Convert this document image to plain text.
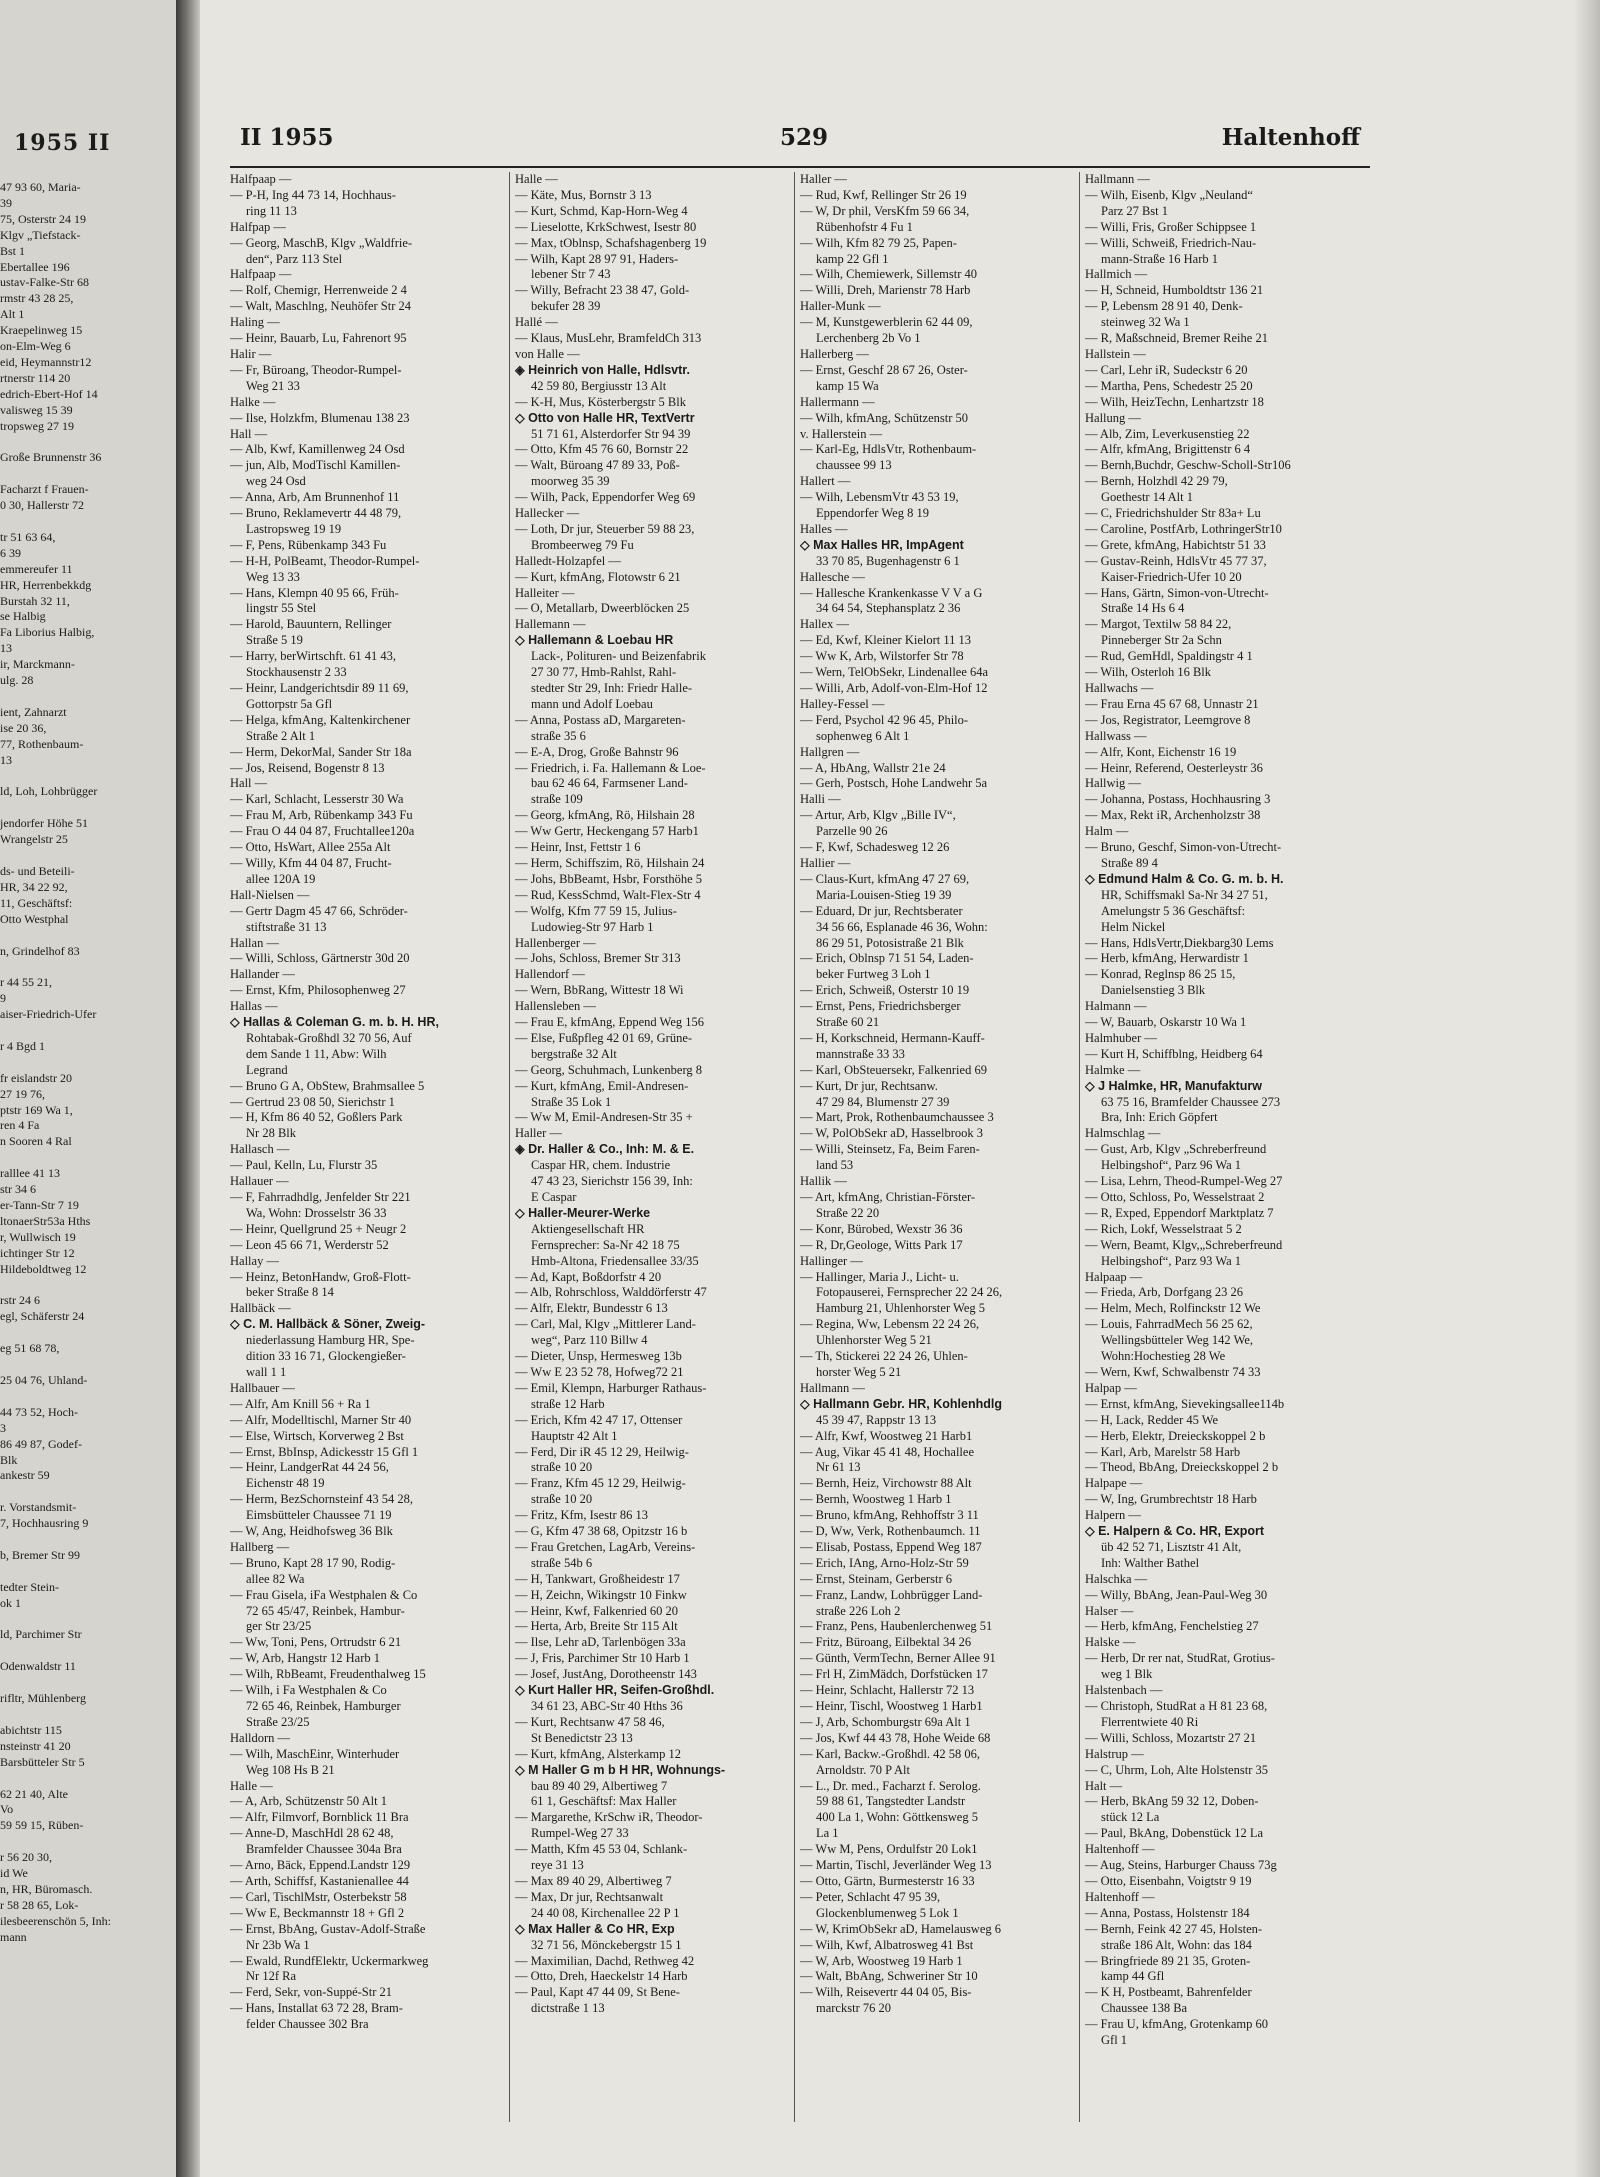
1955 II
47 93 60, Maria-
39
75, Osterstr 24 19
Klgv „Tiefstack-
Bst 1
Ebertallee 196
ustav-Falke-Str 68
rmstr 43 28 25,
Alt 1
Kraepelinweg 15
on-Elm-Weg 6
eid, Heymannstr12
rtnerstr 114 20
edrich-Ebert-Hof 14
valisweg 15 39
tropsweg 27 19

Große Brunnenstr 36

Facharzt f Frauen-
0 30, Hallerstr 72

tr 51 63 64,
6 39
emmereufer 11
HR, Herrenbekkdg
Burstah 32 11,
se Halbig
Fa Liborius Halbig,
13
ir, Marckmann-
ulg. 28

ient, Zahnarzt
ise 20 36,
77, Rothenbaum-
13

ld, Loh, Lohbrügger

jendorfer Höhe 51
Wrangelstr 25

ds- und Beteili-
HR, 34 22 92,
11, Geschäftsf:
Otto Westphal

n, Grindelhof 83

r 44 55 21,
9
aiser-Friedrich-Ufer

r 4 Bgd 1

fr eislandstr 20
27 19 76,
ptstr 169 Wa 1,
ren 4 Fa
n Sooren 4 Ral

ralllee 41 13
str 34 6
er-Tann-Str 7 19
ltonaerStr53a Hths
r, Wullwisch 19
ichtinger Str 12
Hildeboldtweg 12

rstr 24 6
egl, Schäferstr 24

eg 51 68 78,

25 04 76, Uhland-

44 73 52, Hoch-
3
86 49 87, Godef-
Blk
ankestr 59

r. Vorstandsmit-
7, Hochhausring 9

b, Bremer Str 99

tedter Stein-
ok 1

ld, Parchimer Str

Odenwaldstr 11

rifltr, Mühlenberg

abichtstr 115
nsteinstr 41 20
Barsbütteler Str 5

62 21 40, Alte
Vo
59 59 15, Rüben-

r 56 20 30,
id We
n, HR, Büromasch.
r 58 28 65, Lok-
ilesbeerenschön 5, Inh:
mann
II 1955	529	Haltenhoff
Halfpaap —
— P-H, Ing 44 73 14, Hochhaus-
ring 11 13
Halfpap —
— Georg, MaschB, Klgv „Waldfrie-
den“, Parz 113 Stel
Halfpaap —
— Rolf, Chemigr, Herrenweide 2 4
— Walt, Maschlng, Neuhöfer Str 24
Haling —
— Heinr, Bauarb, Lu, Fahrenort 95
Halir —
— Fr, Büroang, Theodor-Rumpel-
Weg 21 33
Halke —
— Ilse, Holzkfm, Blumenau 138 23
Hall —
— Alb, Kwf, Kamillenweg 24 Osd
— jun, Alb, ModTischl Kamillen-
weg 24 Osd
— Anna, Arb, Am Brunnenhof 11
— Bruno, Reklamevertr 44 48 79,
Lastropsweg 19 19
— F, Pens, Rübenkamp 343 Fu
— H-H, PolBeamt, Theodor-Rumpel-
Weg 13 33
— Hans, Klempn 40 95 66, Früh-
lingstr 55 Stel
— Harold, Bauuntern, Rellinger
Straße 5 19
— Harry, berWirtschft. 61 41 43,
Stockhausenstr 2 33
— Heinr, Landgerichtsdir 89 11 69,
Gottorpstr 5a Gfl
— Helga, kfmAng, Kaltenkirchener
Straße 2 Alt 1
— Herm, DekorMal, Sander Str 18a
— Jos, Reisend, Bogenstr 8 13
Hall —
— Karl, Schlacht, Lesserstr 30 Wa
— Frau M, Arb, Rübenkamp 343 Fu
— Frau O 44 04 87, Fruchtallee120a
— Otto, HsWart, Allee 255a Alt
— Willy, Kfm 44 04 87, Frucht-
allee 120A 19
Hall-Nielsen —
— Gertr Dagm 45 47 66, Schröder-
stiftstraße 31 13
Hallan —
— Willi, Schloss, Gärtnerstr 30d 20
Hallander —
— Ernst, Kfm, Philosophenweg 27
Hallas —
◇ Hallas & Coleman G. m. b. H. HR,
Rohtabak-Großhdl 32 70 56, Auf
dem Sande 1 11, Abw: Wilh
Legrand
— Bruno G A, ObStew, Brahmsallee 5
— Gertrud 23 08 50, Sierichstr 1
— H, Kfm 86 40 52, Goßlers Park
Nr 28 Blk
Hallasch —
— Paul, Kelln, Lu, Flurstr 35
Hallauer —
— F, Fahrradhdlg, Jenfelder Str 221
Wa, Wohn: Drosselstr 36 33
— Heinr, Quellgrund 25 + Neugr 2
— Leon 45 66 71, Werderstr 52
Hallay —
— Heinz, BetonHandw, Groß-Flott-
beker Straße 8 14
Hallbäck —
◇ C. M. Hallbäck & Söner, Zweig-
niederlassung Hamburg HR, Spe-
dition 33 16 71, Glockengießer-
wall 1 1
Hallbauer —
— Alfr, Am Knill 56 + Ra 1
— Alfr, Modelltischl, Marner Str 40
— Else, Wirtsch, Korverweg 2 Bst
— Ernst, BbInsp, Adickesstr 15 Gfl 1
— Heinr, LandgerRat 44 24 56,
Eichenstr 48 19
— Herm, BezSchornsteinf 43 54 28,
Eimsbütteler Chaussee 71 19
— W, Ang, Heidhofsweg 36 Blk
Hallberg —
— Bruno, Kapt 28 17 90, Rodig-
allee 82 Wa
— Frau Gisela, iFa Westphalen & Co
72 65 45/47, Reinbek, Hambur-
ger Str 23/25
— Ww, Toni, Pens, Ortrudstr 6 21
— W, Arb, Hangstr 12 Harb 1
— Wilh, RbBeamt, Freudenthalweg 15
— Wilh, i Fa Westphalen & Co
72 65 46, Reinbek, Hamburger
Straße 23/25
Halldorn —
— Wilh, MaschEinr, Winterhuder
Weg 108 Hs B 21
Halle —
— A, Arb, Schützenstr 50 Alt 1
— Alfr, Filmvorf, Bornblick 11 Bra
— Anne-D, MaschHdl 28 62 48,
Bramfelder Chaussee 304a Bra
— Arno, Bäck, Eppend.Landstr 129
— Arth, Schiffsf, Kastanienallee 44
— Carl, TischlMstr, Osterbekstr 58
— Ww E, Beckmannstr 18 + Gfl 2
— Ernst, BbAng, Gustav-Adolf-Straße
Nr 23b Wa 1
— Ewald, RundfElektr, Uckermarkweg
Nr 12f Ra
— Ferd, Sekr, von-Suppé-Str 21
— Hans, Installat 63 72 28, Bram-
felder Chaussee 302 Bra
Halle —
— Käte, Mus, Bornstr 3 13
— Kurt, Schmd, Kap-Horn-Weg 4
— Lieselotte, KrkSchwest, Isestr 80
— Max, tOblnsp, Schafshagenberg 19
— Wilh, Kapt 28 97 91, Haders-
lebener Str 7 43
— Willy, Befracht 23 38 47, Gold-
bekufer 28 39
Hallé —
— Klaus, MusLehr, BramfeldCh 313
von Halle —
◈ Heinrich von Halle, Hdlsvtr.
42 59 80, Bergiusstr 13 Alt
— K-H, Mus, Kösterbergstr 5 Blk
◇ Otto von Halle HR, TextVertr
51 71 61, Alsterdorfer Str 94 39
— Otto, Kfm 45 76 60, Bornstr 22
— Walt, Büroang 47 89 33, Poß-
moorweg 35 39
— Wilh, Pack, Eppendorfer Weg 69
Hallecker —
— Loth, Dr jur, Steuerber 59 88 23,
Brombeerweg 79 Fu
Halledt-Holzapfel —
— Kurt, kfmAng, Flotowstr 6 21
Halleiter —
— O, Metallarb, Dweerblöcken 25
Hallemann —
◇ Hallemann & Loebau HR
Lack-, Polituren- und Beizenfabrik
27 30 77, Hmb-Rahlst, Rahl-
stedter Str 29, Inh: Friedr Halle-
mann und Adolf Loebau
— Anna, Postass aD, Margareten-
straße 35 6
— E-A, Drog, Große Bahnstr 96
— Friedrich, i. Fa. Hallemann & Loe-
bau 62 46 64, Farmsener Land-
straße 109
— Georg, kfmAng, Rö, Hilshain 28
— Ww Gertr, Heckengang 57 Harb1
— Heinr, Inst, Fettstr 1 6
— Herm, Schiffszim, Rö, Hilshain 24
— Johs, BbBeamt, Hsbr, Forsthöhe 5
— Rud, KessSchmd, Walt-Flex-Str 4
— Wolfg, Kfm 77 59 15, Julius-
Ludowieg-Str 97 Harb 1
Hallenberger —
— Johs, Schloss, Bremer Str 313
Hallendorf —
— Wern, BbRang, Wittestr 18 Wi
Hallensleben —
— Frau E, kfmAng, Eppend Weg 156
— Else, Fußpfleg 42 01 69, Grüne-
bergstraße 32 Alt
— Georg, Schuhmach, Lunkenberg 8
— Kurt, kfmAng, Emil-Andresen-
Straße 35 Lok 1
— Ww M, Emil-Andresen-Str 35 +
Haller —
◈ Dr. Haller & Co., Inh: M. & E.
Caspar HR, chem. Industrie
47 43 23, Sierichstr 156 39, Inh:
E Caspar
◇ Haller-Meurer-Werke
Aktiengesellschaft HR
Fernsprecher: Sa-Nr 42 18 75
Hmb-Altona, Friedensallee 33/35
— Ad, Kapt, Boßdorfstr 4 20
— Alb, Rohrschloss, Walddörferstr 47
— Alfr, Elektr, Bundesstr 6 13
— Carl, Mal, Klgv „Mittlerer Land-
weg“, Parz 110 Billw 4
— Dieter, Unsp, Hermesweg 13b
— Ww E 23 52 78, Hofweg72 21
— Emil, Klempn, Harburger Rathaus-
straße 12 Harb
— Erich, Kfm 42 47 17, Ottenser
Hauptstr 42 Alt 1
— Ferd, Dir iR 45 12 29, Heilwig-
straße 10 20
— Franz, Kfm 45 12 29, Heilwig-
straße 10 20
— Fritz, Kfm, Isestr 86 13
— G, Kfm 47 38 68, Opitzstr 16 b
— Frau Gretchen, LagArb, Vereins-
straße 54b 6
— H, Tankwart, Großheidestr 17
— H, Zeichn, Wikingstr 10 Finkw
— Heinr, Kwf, Falkenried 60 20
— Herta, Arb, Breite Str 115 Alt
— Ilse, Lehr aD, Tarlenbögen 33a
— J, Fris, Parchimer Str 10 Harb 1
— Josef, JustAng, Dorotheenstr 143
◇ Kurt Haller HR, Seifen-Großhdl.
34 61 23, ABC-Str 40 Hths 36
— Kurt, Rechtsanw 47 58 46,
St Benedictstr 23 13
— Kurt, kfmAng, Alsterkamp 12
◇ M Haller G m b H HR, Wohnungs-
bau 89 40 29, Albertiweg 7
61 1, Geschäftsf: Max Haller
— Margarethe, KrSchw iR, Theodor-
Rumpel-Weg 27 33
— Matth, Kfm 45 53 04, Schlank-
reye 31 13
— Max 89 40 29, Albertiweg 7
— Max, Dr jur, Rechtsanwalt
24 40 08, Kirchenallee 22 P 1
◇ Max Haller & Co HR, Exp
32 71 56, Mönckebergstr 15 1
— Maximilian, Dachd, Rethweg 42
— Otto, Dreh, Haeckelstr 14 Harb
— Paul, Kapt 47 44 09, St Bene-
dictstraße 1 13
Haller —
— Rud, Kwf, Rellinger Str 26 19
— W, Dr phil, VersKfm 59 66 34,
Rübenhofstr 4 Fu 1
— Wilh, Kfm 82 79 25, Papen-
kamp 22 Gfl 1
— Wilh, Chemiewerk, Sillemstr 40
— Willi, Dreh, Marienstr 78 Harb
Haller-Munk —
— M, Kunstgewerblerin 62 44 09,
Lerchenberg 2b Vo 1
Hallerberg —
— Ernst, Geschf 28 67 26, Oster-
kamp 15 Wa
Hallermann —
— Wilh, kfmAng, Schützenstr 50
v. Hallerstein —
— Karl-Eg, HdlsVtr, Rothenbaum-
chaussee 99 13
Hallert —
— Wilh, LebensmVtr 43 53 19,
Eppendorfer Weg 8 19
Halles —
◇ Max Halles HR, ImpAgent
33 70 85, Bugenhagenstr 6 1
Hallesche —
— Hallesche Krankenkasse V V a G
34 64 54, Stephansplatz 2 36
Hallex —
— Ed, Kwf, Kleiner Kielort 11 13
— Ww K, Arb, Wilstorfer Str 78
— Wern, TelObSekr, Lindenallee 64a
— Willi, Arb, Adolf-von-Elm-Hof 12
Halley-Fessel —
— Ferd, Psychol 42 96 45, Philo-
sophenweg 6 Alt 1
Hallgren —
— A, HbAng, Wallstr 21e 24
— Gerh, Postsch, Hohe Landwehr 5a
Halli —
— Artur, Arb, Klgv „Bille IV“,
Parzelle 90 26
— F, Kwf, Schadesweg 12 26
Hallier —
— Claus-Kurt, kfmAng 47 27 69,
Maria-Louisen-Stieg 19 39
— Eduard, Dr jur, Rechtsberater
34 56 66, Esplanade 46 36, Wohn:
86 29 51, Potosistraße 21 Blk
— Erich, Oblnsp 71 51 54, Laden-
beker Furtweg 3 Loh 1
— Erich, Schweiß, Osterstr 10 19
— Ernst, Pens, Friedrichsberger
Straße 60 21
— H, Korkschneid, Hermann-Kauff-
mannstraße 33 33
— Karl, ObSteuersekr, Falkenried 69
— Kurt, Dr jur, Rechtsanw.
47 29 84, Blumenstr 27 39
— Mart, Prok, Rothenbaumchaussee 3
— W, PolObSekr aD, Hasselbrook 3
— Willi, Steinsetz, Fa, Beim Faren-
land 53
Hallik —
— Art, kfmAng, Christian-Förster-
Straße 22 20
— Konr, Bürobed, Wexstr 36 36
— R, Dr,Geologe, Witts Park 17
Hallinger —
— Hallinger, Maria J., Licht- u.
Fotopauserei, Fernsprecher 22 24 26,
Hamburg 21, Uhlenhorster Weg 5
— Regina, Ww, Lebensm 22 24 26,
Uhlenhorster Weg 5 21
— Th, Stickerei 22 24 26, Uhlen-
horster Weg 5 21
Hallmann —
◇ Hallmann Gebr. HR, Kohlenhdlg
45 39 47, Rappstr 13 13
— Alfr, Kwf, Woostweg 21 Harb1
— Aug, Vikar 45 41 48, Hochallee
Nr 61 13
— Bernh, Heiz, Virchowstr 88 Alt
— Bernh, Woostweg 1 Harb 1
— Bruno, kfmAng, Rehhoffstr 3 11
— D, Ww, Verk, Rothenbaumch. 11
— Elisab, Postass, Eppend Weg 187
— Erich, IAng, Arno-Holz-Str 59
— Ernst, Steinam, Gerberstr 6
— Franz, Landw, Lohbrügger Land-
straße 226 Loh 2
— Franz, Pens, Haubenlerchenweg 51
— Fritz, Büroang, Eilbektal 34 26
— Günth, VermTechn, Berner Allee 91
— Frl H, ZimMädch, Dorfstücken 17
— Heinr, Schlacht, Hallerstr 72 13
— Heinr, Tischl, Woostweg 1 Harb1
— J, Arb, Schomburgstr 69a Alt 1
— Jos, Kwf 44 43 78, Hohe Weide 68
— Karl, Backw.-Großhdl. 42 58 06,
Arnoldstr. 70 P Alt
— L., Dr. med., Facharzt f. Serolog.
59 88 61, Tangstedter Landstr
400 La 1, Wohn: Göttkensweg 5
La 1
— Ww M, Pens, Ordulfstr 20 Lok1
— Martin, Tischl, Jeverländer Weg 13
— Otto, Gärtn, Burmesterstr 16 33
— Peter, Schlacht 47 95 39,
Glockenblumenweg 5 Lok 1
— W, KrimObSekr aD, Hamelausweg 6
— Wilh, Kwf, Albatrosweg 41 Bst
— W, Arb, Woostweg 19 Harb 1
— Walt, BbAng, Schweriner Str 10
— Wilh, Reisevertr 44 04 05, Bis-
marckstr 76 20
Hallmann —
— Wilh, Eisenb, Klgv „Neuland“
Parz 27 Bst 1
— Willi, Fris, Großer Schippsee 1
— Willi, Schweiß, Friedrich-Nau-
mann-Straße 16 Harb 1
Hallmich —
— H, Schneid, Humboldtstr 136 21
— P, Lebensm 28 91 40, Denk-
steinweg 32 Wa 1
— R, Maßschneid, Bremer Reihe 21
Hallstein —
— Carl, Lehr iR, Sudeckstr 6 20
— Martha, Pens, Schedestr 25 20
— Wilh, HeizTechn, Lenhartzstr 18
Hallung —
— Alb, Zim, Leverkusenstieg 22
— Alfr, kfmAng, Brigittenstr 6 4
— Bernh,Buchdr, Geschw-Scholl-Str106
— Bernh, Holzhdl 42 29 79,
Goethestr 14 Alt 1
— C, Friedrichshulder Str 83a+ Lu
— Caroline, PostfArb, LothringerStr10
— Grete, kfmAng, Habichtstr 51 33
— Gustav-Reinh, HdlsVtr 45 77 37,
Kaiser-Friedrich-Ufer 10 20
— Hans, Gärtn, Simon-von-Utrecht-
Straße 14 Hs 6 4
— Margot, Textilw 58 84 22,
Pinneberger Str 2a Schn
— Rud, GemHdl, Spaldingstr 4 1
— Wilh, Osterloh 16 Blk
Hallwachs —
— Frau Erna 45 67 68, Unnastr 21
— Jos, Registrator, Leemgrove 8
Hallwass —
— Alfr, Kont, Eichenstr 16 19
— Heinr, Referend, Oesterleystr 36
Hallwig —
— Johanna, Postass, Hochhausring 3
— Max, Rekt iR, Archenholzstr 38
Halm —
— Bruno, Geschf, Simon-von-Utrecht-
Straße 89 4
◇ Edmund Halm & Co. G. m. b. H.
HR, Schiffsmakl Sa-Nr 34 27 51,
Amelungstr 5 36 Geschäftsf:
Helm Nickel
— Hans, HdlsVertr,Diekbarg30 Lems
— Herb, kfmAng, Herwardistr 1
— Konrad, Reglnsp 86 25 15,
Danielsenstieg 3 Blk
Halmann —
— W, Bauarb, Oskarstr 10 Wa 1
Halmhuber —
— Kurt H, Schiffblng, Heidberg 64
Halmke —
◇ J Halmke, HR, Manufakturw
63 75 16, Bramfelder Chaussee 273
Bra, Inh: Erich Göpfert
Halmschlag —
— Gust, Arb, Klgv „Schreberfreund
Helbingshof“, Parz 96 Wa 1
— Lisa, Lehrn, Theod-Rumpel-Weg 27
— Otto, Schloss, Po, Wesselstraat 2
— R, Exped, Eppendorf Marktplatz 7
— Rich, Lokf, Wesselstraat 5 2
— Wern, Beamt, Klgv,„Schreberfreund
Helbingshof“, Parz 93 Wa 1
Halpaap —
— Frieda, Arb, Dorfgang 23 26
— Helm, Mech, Rolfinckstr 12 We
— Louis, FahrradMech 56 25 62,
Wellingsbütteler Weg 142 We,
Wohn:Hochestieg 28 We
— Wern, Kwf, Schwalbenstr 74 33
Halpap —
— Ernst, kfmAng, Sievekingsallee114b
— H, Lack, Redder 45 We
— Herb, Elektr, Dreieckskoppel 2 b
— Karl, Arb, Marelstr 58 Harb
— Theod, BbAng, Dreieckskoppel 2 b
Halpape —
— W, Ing, Grumbrechtstr 18 Harb
Halpern —
◇ E. Halpern & Co. HR, Export
üb 42 52 71, Lisztstr 41 Alt,
Inh: Walther Bathel
Halschka —
— Willy, BbAng, Jean-Paul-Weg 30
Halser —
— Herb, kfmAng, Fenchelstieg 27
Halske —
— Herb, Dr rer nat, StudRat, Grotius-
weg 1 Blk
Halstenbach —
— Christoph, StudRat a H 81 23 68,
Flerrentwiete 40 Ri
— Willi, Schloss, Mozartstr 27 21
Halstrup —
— C, Uhrm, Loh, Alte Holstenstr 35
Halt —
— Herb, BkAng 59 32 12, Doben-
stück 12 La
— Paul, BkAng, Dobenstück 12 La
Haltenhoff —
— Aug, Steins, Harburger Chauss 73g
— Otto, Eisenbahn, Voigtstr 9 19
Haltenhoff —
— Anna, Postass, Holstenstr 184
— Bernh, Feink 42 27 45, Holsten-
straße 186 Alt, Wohn: das 184
— Bringfriede 89 21 35, Groten-
kamp 44 Gfl
— K H, Postbeamt, Bahrenfelder
Chaussee 138 Ba
— Frau U, kfmAng, Grotenkamp 60
Gfl 1
